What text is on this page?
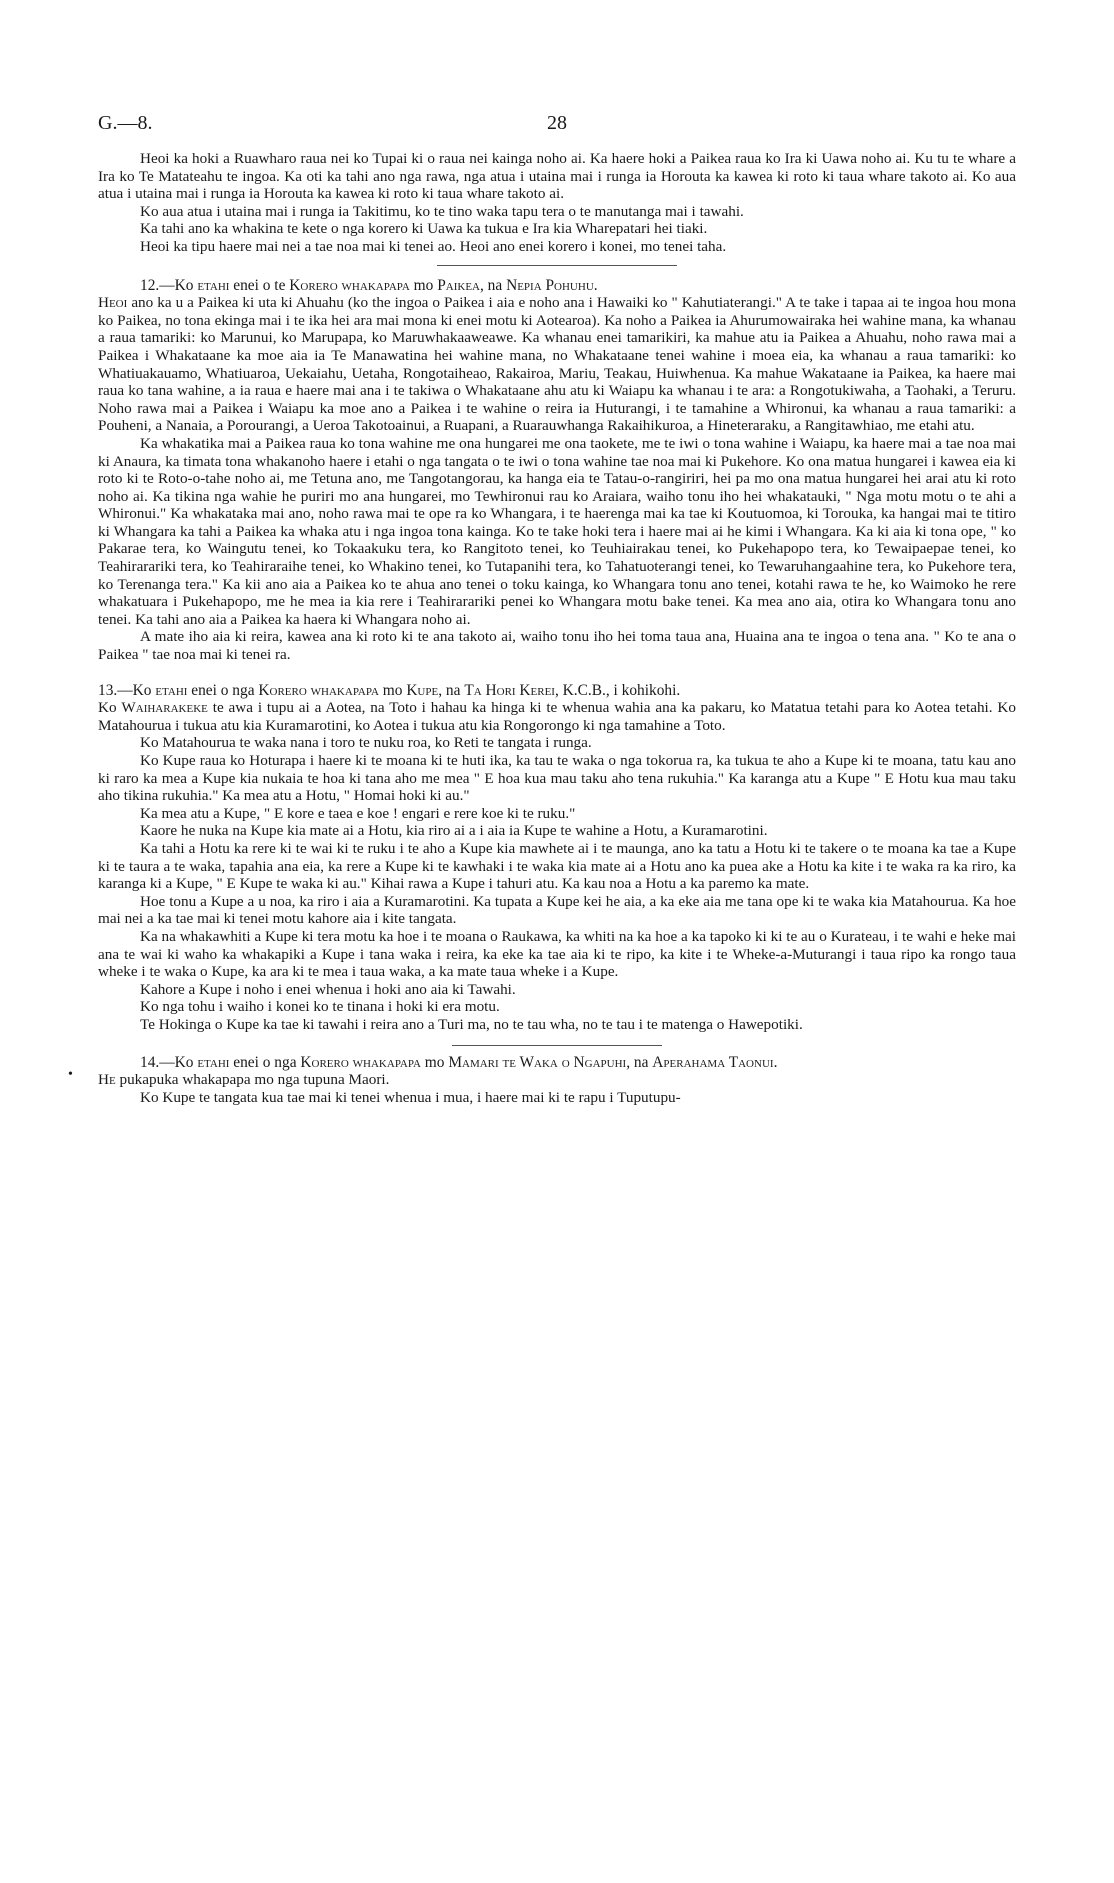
G.—8.	28
•

Heoi ka hoki a Ruawharo raua nei ko Tupai ki o raua nei kainga noho ai. Ka haere hoki a Paikea raua ko Ira ki Uawa noho ai. Ku tu te whare a Ira ko Te Matateahu te ingoa. Ka oti ka tahi ano nga rawa, nga atua i utaina mai i runga ia Horouta ka kawea ki roto ki taua whare takoto ai. Ko aua atua i utaina mai i runga ia Horouta ka kawea ki roto ki taua whare takoto ai.

Ko aua atua i utaina mai i runga ia Takitimu, ko te tino waka tapu tera o te manutanga mai i tawahi.

Ka tahi ano ka whakina te kete o nga korero ki Uawa ka tukua e Ira kia Wharepatari hei tiaki.

Heoi ka tipu haere mai nei a tae noa mai ki tenei ao. Heoi ano enei korero i konei, mo tenei taha.

12.—Ko etahi enei o te Korero whakapapa mo Paikea, na Nepia Pohuhu.

Heoi ano ka u a Paikea ki uta ki Ahuahu (ko the ingoa o Paikea i aia e noho ana i Hawaiki ko " Kahutiaterangi." A te take i tapaa ai te ingoa hou mona ko Paikea, no tona ekinga mai i te ika hei ara mai mona ki enei motu ki Aotearoa). Ka noho a Paikea ia Ahurumowairaka hei wahine mana, ka whanau a raua tamariki: ko Marunui, ko Marupapa, ko Maruwhakaaweawe. Ka whanau enei tamarikiri, ka mahue atu ia Paikea a Ahuahu, noho rawa mai a Paikea i Whakataane ka moe aia ia Te Manawatina hei wahine mana, no Whakataane tenei wahine i moea eia, ka whanau a raua tamariki: ko Whatiuakauamo, Whatiuaroa, Uekaiahu, Uetaha, Rongotaiheao, Rakairoa, Mariu, Teakau, Huiwhenua. Ka mahue Wakataane ia Paikea, ka haere mai raua ko tana wahine, a ia raua e haere mai ana i te takiwa o Whakataane ahu atu ki Waiapu ka whanau i te ara: a Rongotukiwaha, a Taohaki, a Teruru. Noho rawa mai a Paikea i Waiapu ka moe ano a Paikea i te wahine o reira ia Huturangi, i te tamahine a Whironui, ka whanau a raua tamariki: a Pouheni, a Nanaia, a Porourangi, a Ueroa Takotoainui, a Ruapani, a Ruarauwhanga Rakaihikuroa, a Hineteraraku, a Rangitawhiao, me etahi atu.

Ka whakatika mai a Paikea raua ko tona wahine me ona hungarei me ona taokete, me te iwi o tona wahine i Waiapu, ka haere mai a tae noa mai ki Anaura, ka timata tona whakanoho haere i etahi o nga tangata o te iwi o tona wahine tae noa mai ki Pukehore. Ko ona matua hungarei i kawea eia ki roto ki te Roto-o-tahe noho ai, me Tetuna ano, me Tangotangorau, ka hanga eia te Tatau-o-rangiriri, hei pa mo ona matua hungarei hei arai atu ki roto noho ai. Ka tikina nga wahie he puriri mo ana hungarei, mo Tewhironui rau ko Araiara, waiho tonu iho hei whakatauki, " Nga motu motu o te ahi a Whironui." Ka whakataka mai ano, noho rawa mai te ope ra ko Whangara, i te haerenga mai ka tae ki Koutuomoa, ki Torouka, ka hangai mai te titiro ki Whangara ka tahi a Paikea ka whaka atu i nga ingoa tona kainga. Ko te take hoki tera i haere mai ai he kimi i Whangara. Ka ki aia ki tona ope, " ko Pakarae tera, ko Waingutu tenei, ko Tokaakuku tera, ko Rangitoto tenei, ko Teuhiairakau tenei, ko Pukehapopo tera, ko Tewaipaepae tenei, ko Teahirarariki tera, ko Teahiraraihe tenei, ko Whakino tenei, ko Tutapanihi tera, ko Tahatuoterangi tenei, ko Tewaruhangaahine tera, ko Pukehore tera, ko Terenanga tera." Ka kii ano aia a Paikea ko te ahua ano tenei o toku kainga, ko Whangara tonu ano tenei, kotahi rawa te he, ko Waimoko he rere whakatuara i Pukehapopo, me he mea ia kia rere i Teahirarariki penei ko Whangara motu bake tenei. Ka mea ano aia, otira ko Whangara tonu ano tenei. Ka tahi ano aia a Paikea ka haera ki Whangara noho ai.

A mate iho aia ki reira, kawea ana ki roto ki te ana takoto ai, waiho tonu iho hei toma taua ana, Huaina ana te ingoa o tena ana. " Ko te ana o Paikea " tae noa mai ki tenei ra.

13.—Ko etahi enei o nga Korero whakapapa mo Kupe, na Ta Hori Kerei, K.C.B., i kohikohi.

Ko Waiharakeke te awa i tupu ai a Aotea, na Toto i hahau ka hinga ki te whenua wahia ana ka pakaru, ko Matatua tetahi para ko Aotea tetahi. Ko Matahourua i tukua atu kia Kuramarotini, ko Aotea i tukua atu kia Rongorongo ki nga tamahine a Toto.

Ko Matahourua te waka nana i toro te nuku roa, ko Reti te tangata i runga.

Ko Kupe raua ko Hoturapa i haere ki te moana ki te huti ika, ka tau te waka o nga tokorua ra, ka tukua te aho a Kupe ki te moana, tatu kau ano ki raro ka mea a Kupe kia nukaia te hoa ki tana aho me mea " E hoa kua mau taku aho tena rukuhia." Ka karanga atu a Kupe " E Hotu kua mau taku aho tikina rukuhia." Ka mea atu a Hotu, " Homai hoki ki au."

Ka mea atu a Kupe, " E kore e taea e koe ! engari e rere koe ki te ruku."

Kaore he nuka na Kupe kia mate ai a Hotu, kia riro ai a i aia ia Kupe te wahine a Hotu, a Kuramarotini.

Ka tahi a Hotu ka rere ki te wai ki te ruku i te aho a Kupe kia mawhete ai i te maunga, ano ka tatu a Hotu ki te takere o te moana ka tae a Kupe ki te taura a te waka, tapahia ana eia, ka rere a Kupe ki te kawhaki i te waka kia mate ai a Hotu ano ka puea ake a Hotu ka kite i te waka ra ka riro, ka karanga ki a Kupe, " E Kupe te waka ki au." Kihai rawa a Kupe i tahuri atu. Ka kau noa a Hotu a ka paremo ka mate.

Hoe tonu a Kupe a u noa, ka riro i aia a Kuramarotini. Ka tupata a Kupe kei he aia, a ka eke aia me tana ope ki te waka kia Matahourua. Ka hoe mai nei a ka tae mai ki tenei motu kahore aia i kite tangata.

Ka na whakawhiti a Kupe ki tera motu ka hoe i te moana o Raukawa, ka whiti na ka hoe a ka tapoko ki ki te au o Kurateau, i te wahi e heke mai ana te wai ki waho ka whakapiki a Kupe i tana waka i reira, ka eke ka tae aia ki te ripo, ka kite i te Wheke-a-Muturangi i taua ripo ka rongo taua wheke i te waka o Kupe, ka ara ki te mea i taua waka, a ka mate taua wheke i a Kupe.

Kahore a Kupe i noho i enei whenua i hoki ano aia ki Tawahi.

Ko nga tohu i waiho i konei ko te tinana i hoki ki era motu.

Te Hokinga o Kupe ka tae ki tawahi i reira ano a Turi ma, no te tau wha, no te tau i te matenga o Hawepotiki.

14.—Ko etahi enei o nga Korero whakapapa mo Mamari te Waka o Ngapuhi, na Aperahama Taonui.

He pukapuka whakapapa mo nga tupuna Maori.

Ko Kupe te tangata kua tae mai ki tenei whenua i mua, i haere mai ki te rapu i Tuputupu-
